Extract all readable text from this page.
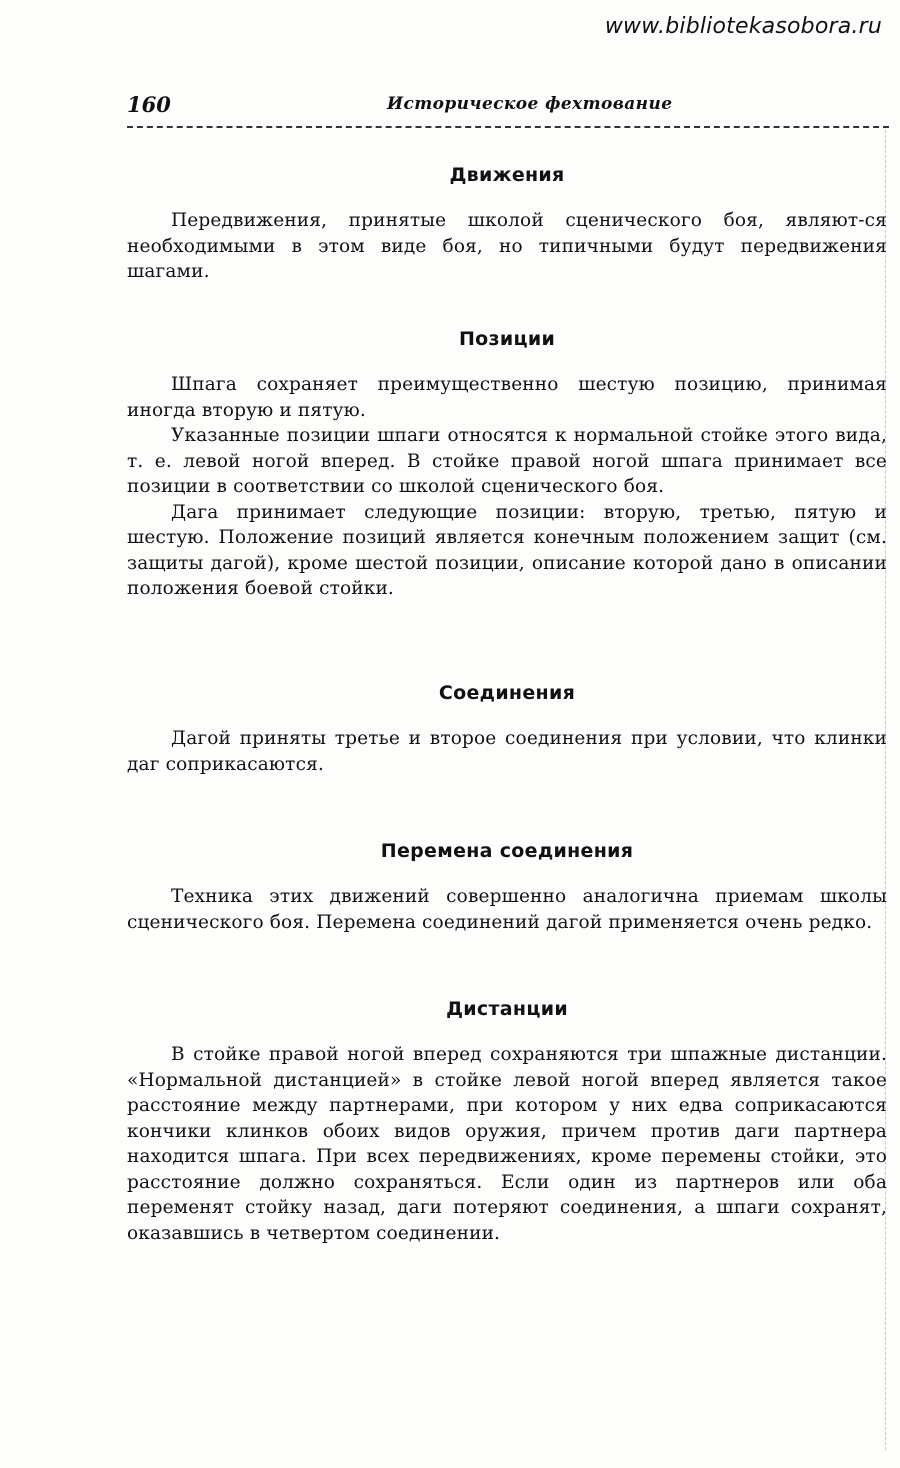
www.bibliotekasobora.ru
160	Историческое фехтование
Движения

Передвижения, принятые школой сценического боя, являют-ся необходимыми в этом виде боя, но типичными будут передвижения шагами.

Позиции

Шпага сохраняет преимущественно шестую позицию, принимая иногда вторую и пятую.

Указанные позиции шпаги относятся к нормальной стойке этого вида, т. е. левой ногой вперед. В стойке правой ногой шпага принимает все позиции в соответствии со школой сценического боя.

Дага принимает следующие позиции: вторую, третью, пятую и шестую. Положение позиций является конечным положением защит (см. защиты дагой), кроме шестой позиции, описание которой дано в описании положения боевой стойки.

Соединения

Дагой приняты третье и второе соединения при условии, что клинки даг соприкасаются.

Перемена соединения

Техника этих движений совершенно аналогична приемам школы сценического боя. Перемена соединений дагой применяется очень редко.

Дистанции

В стойке правой ногой вперед сохраняются три шпажные дистанции. «Нормальной дистанцией» в стойке левой ногой вперед является такое расстояние между партнерами, при котором у них едва соприкасаются кончики клинков обоих видов оружия, причем против даги партнера находится шпага. При всех передвижениях, кроме перемены стойки, это расстояние должно сохраняться. Если один из партнеров или оба переменят стойку назад, даги потеряют соединения, а шпаги сохранят, оказавшись в четвертом соединении.
